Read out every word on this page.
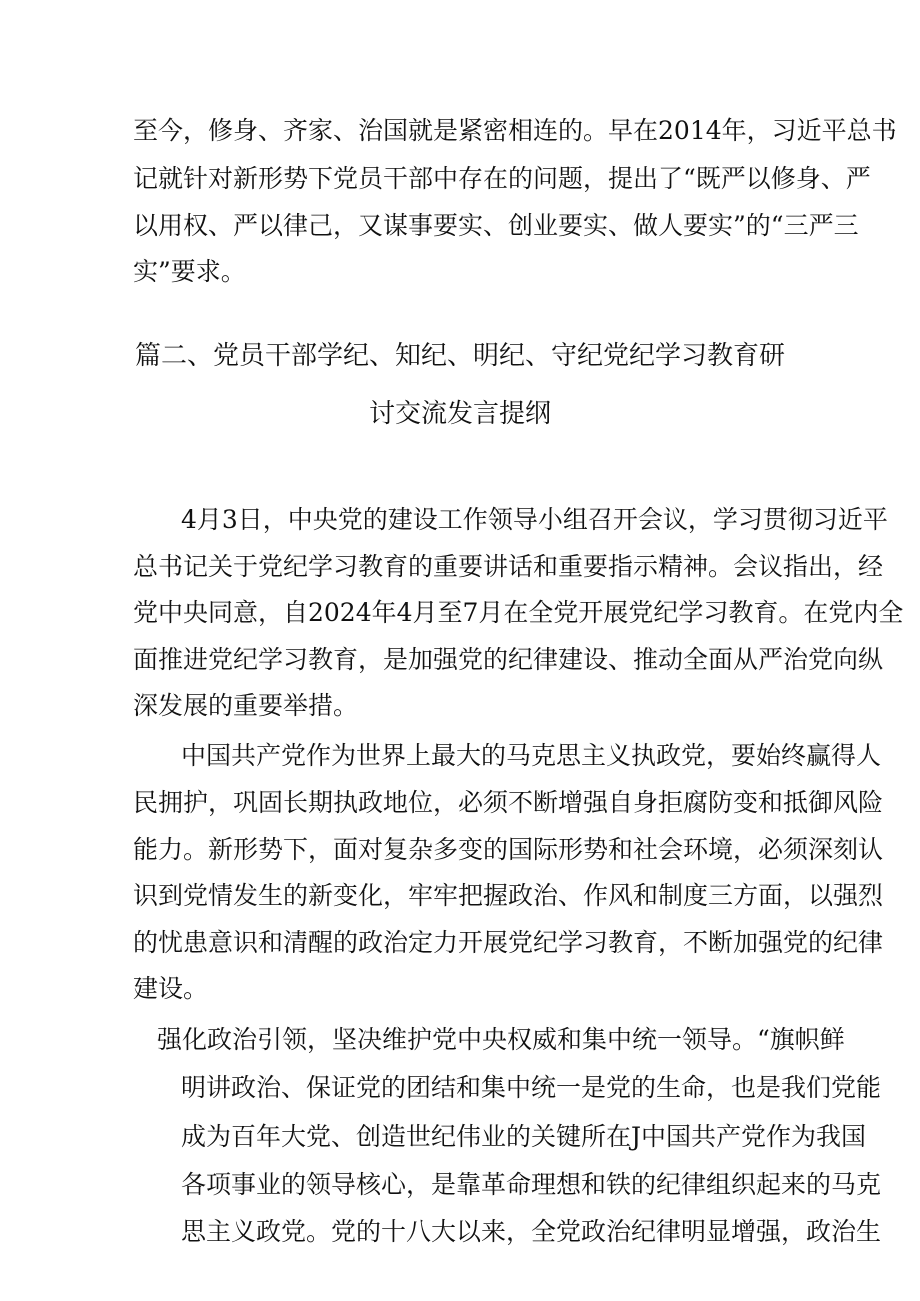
至今，修身、齐家、治国就是紧密相连的。早在2014年，习近平总书

记就针对新形势下党员干部中存在的问题，提出了“既严以修身、严

以用权、严以律己，又谋事要实、创业要实、做人要实”的“三严三

实”要求。

篇二、党员干部学纪、知纪、明纪、守纪党纪学习教育研
讨交流发言提纲

4月3日，中央党的建设工作领导小组召开会议，学习贯彻习近平

总书记关于党纪学习教育的重要讲话和重要指示精神。会议指出，经

党中央同意，自2024年4月至7月在全党开展党纪学习教育。在党内全

面推进党纪学习教育，是加强党的纪律建设、推动全面从严治党向纵

深发展的重要举措。

中国共产党作为世界上最大的马克思主义执政党，要始终赢得人

民拥护，巩固长期执政地位，必须不断增强自身拒腐防变和抵御风险

能力。新形势下，面对复杂多变的国际形势和社会环境，必须深刻认

识到党情发生的新变化，牢牢把握政治、作风和制度三方面，以强烈

的忧患意识和清醒的政治定力开展党纪学习教育，不断加强党的纪律

建设。

强化政治引领，坚决维护党中央权威和集中统一领导。“旗帜鲜

明讲政治、保证党的团结和集中统一是党的生命，也是我们党能

成为百年大党、创造世纪伟业的关键所在J中国共产党作为我国

各项事业的领导核心，是靠革命理想和铁的纪律组织起来的马克

思主义政党。党的十八大以来，全党政治纪律明显增强，政治生
